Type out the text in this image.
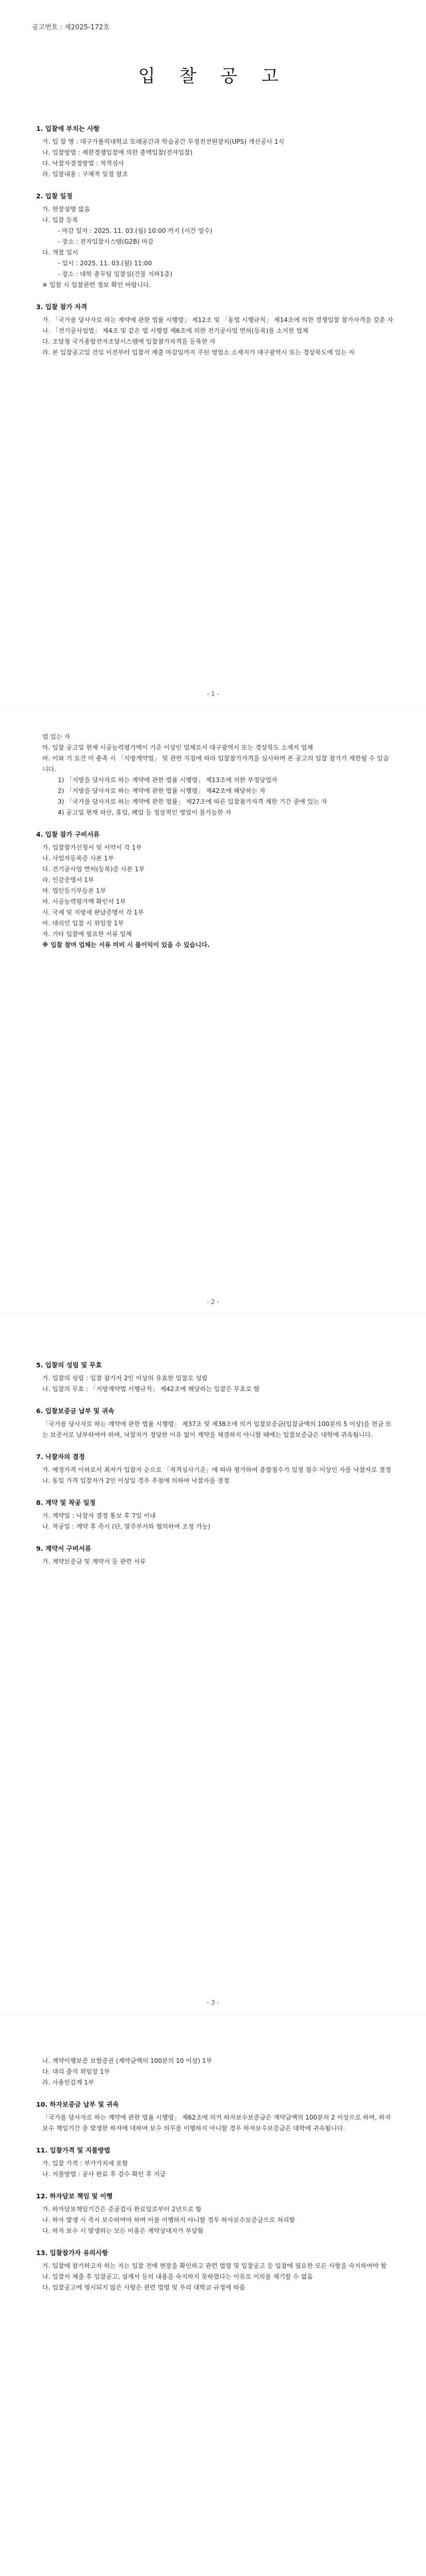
공고번호 : 제2025-172호
입 찰 공 고
1. 입찰에 부치는 사항
가. 입 찰 명 : 대구가톨릭대학교 또래공간과 학습공간 무정전전원장치(UPS) 개선공사 1식
나. 입찰방법 : 제한경쟁입찰에 의한 총액입찰(전자입찰)
다. 낙찰자결정방법 : 적격심사
라. 입찰내용 : 구체적 일정 참조
2. 입찰 일정
가. 현장설명 없음
나. 입찰 등록
- 마감 일자 : 2025. 11. 03.(월) 10:00 까지 (시간 엄수)
- 장소 : 전자입찰시스템(G2B) 마감
다. 개찰 일시
- 일시 : 2025. 11. 03.(월) 11:00
- 장소 : 대학 총무팀 입찰실(건물 지하1층)
※ 입찰 시 입찰관련 정보 확인 바랍니다.
3. 입찰 참가 자격
가. 「국가를 당사자로 하는 계약에 관한 법률 시행령」 제12조 및 「동법 시행규칙」 제14조에 의한 경쟁입찰 참가자격을 갖춘 자
나. 「전기공사업법」 제4조 및 같은 법 시행령 제6조에 의한 전기공사업 면허(등록)를 소지한 업체
다. 조달청 국가종합전자조달시스템에 입찰참가자격을 등록한 자
라. 본 입찰공고일 전일 이전부터 입찰서 제출 마감일까지 주된 영업소 소재지가 대구광역시 또는 경상북도에 있는 자
- 1 -
업 있는 자
마. 입찰 공고일 현재 시공능력평가액이 기준 이상인 업체로서 대구광역시 또는 경상북도 소재지 업체
바. 이와 기 요건 미 충족 시 「지방계약법」 및 관련 지침에 따라 입찰참가자격을 심사하며 본 공고의 입찰 참가가 제한될 수 있습니다.
1) 「지방을 당사자로 하는 계약에 관한 법률 시행령」 제13조에 의한 부정당업자
2) 「지방을 당사자로 하는 계약에 관한 법률 시행령」 제42조에 해당하는 자
3) 「국가를 당사자로 하는 계약에 관한 법률」 제27조에 따른 입찰참가자격 제한 기간 중에 있는 자
4) 공고일 현재 파산, 휴업, 폐업 등 정상적인 영업이 불가능한 자
4. 입찰 참가 구비서류
가. 입찰참가신청서 및 서약서 각 1부
나. 사업자등록증 사본 1부
다. 전기공사업 면허(등록)증 사본 1부
라. 인감증명서 1부
마. 법인등기부등본 1부
바. 시공능력평가액 확인서 1부
사. 국세 및 지방세 완납증명서 각 1부
아. 대리인 입찰 시 위임장 1부
자. 기타 입찰에 필요한 서류 일체
※ 입찰 참여 업체는 서류 미비 시 불이익이 있을 수 있습니다.
- 2 -
5. 입찰의 성립 및 무효
가. 입찰의 성립 : 입찰 참가자 2인 이상의 유효한 입찰로 성립
나. 입찰의 무효 : 「지방계약법 시행규칙」 제42조에 해당하는 입찰은 무효로 함
6. 입찰보증금 납부 및 귀속
「국가를 당사자로 하는 계약에 관한 법률 시행령」 제37조 및 제38조에 의거 입찰보증금(입찰금액의 100분의 5 이상)을 현금 또는 보증서로 납부하여야 하며, 낙찰자가 정당한 이유 없이 계약을 체결하지 아니할 때에는 입찰보증금은 대학에 귀속됩니다.
7. 낙찰자의 결정
가. 예정가격 이하로서 최저가 입찰자 순으로 「적격심사기준」에 따라 평가하여 종합점수가 일정 점수 이상인 자를 낙찰자로 결정
나. 동일 가격 입찰자가 2인 이상일 경우 추첨에 의하여 낙찰자를 결정
8. 계약 및 착공 일정
가. 계약일 : 낙찰자 결정 통보 후 7일 이내
나. 착공일 : 계약 후 즉시 (단, 발주부서와 협의하여 조정 가능)
9. 계약서 구비서류
가. 계약보증금 및 계약서 등 관련 서류
- 3 -
나. 계약이행보증 보험증권 (계약금액의 100분의 10 이상) 1부
다. 대리 출석 위임장 1부
라. 사용인감계 1부
10. 하자보증금 납부 및 귀속
「국가를 당사자로 하는 계약에 관한 법률 시행령」 제62조에 의거 하자보수보증금은 계약금액의 100분의 2 이상으로 하며, 하자보수 책임기간 중 발생한 하자에 대하여 보수 의무를 이행하지 아니할 경우 하자보수보증금은 대학에 귀속됩니다.
11. 입찰가격 및 지불방법
가. 입찰 가격 : 부가가치세 포함
나. 지불방법 : 공사 완료 후 검수 확인 후 지급
12. 하자담보 책임 및 이행
가. 하자담보책임기간은 준공검사 완료일로부터 2년으로 함
나. 하자 발생 시 즉시 보수하여야 하며 이를 이행하지 아니할 경우 하자보수보증금으로 처리함
다. 하자 보수 시 발생하는 모든 비용은 계약상대자가 부담함
13. 입찰참가자 유의사항
가. 입찰에 참가하고자 하는 자는 입찰 전에 현장을 확인하고 관련 법령 및 입찰공고 등 입찰에 필요한 모든 사항을 숙지하여야 함
나. 입찰서 제출 후 입찰공고, 설계서 등의 내용을 숙지하지 못하였다는 이유로 이의를 제기할 수 없음
다. 입찰공고에 명시되지 않은 사항은 관련 법령 및 우리 대학교 규정에 따름
